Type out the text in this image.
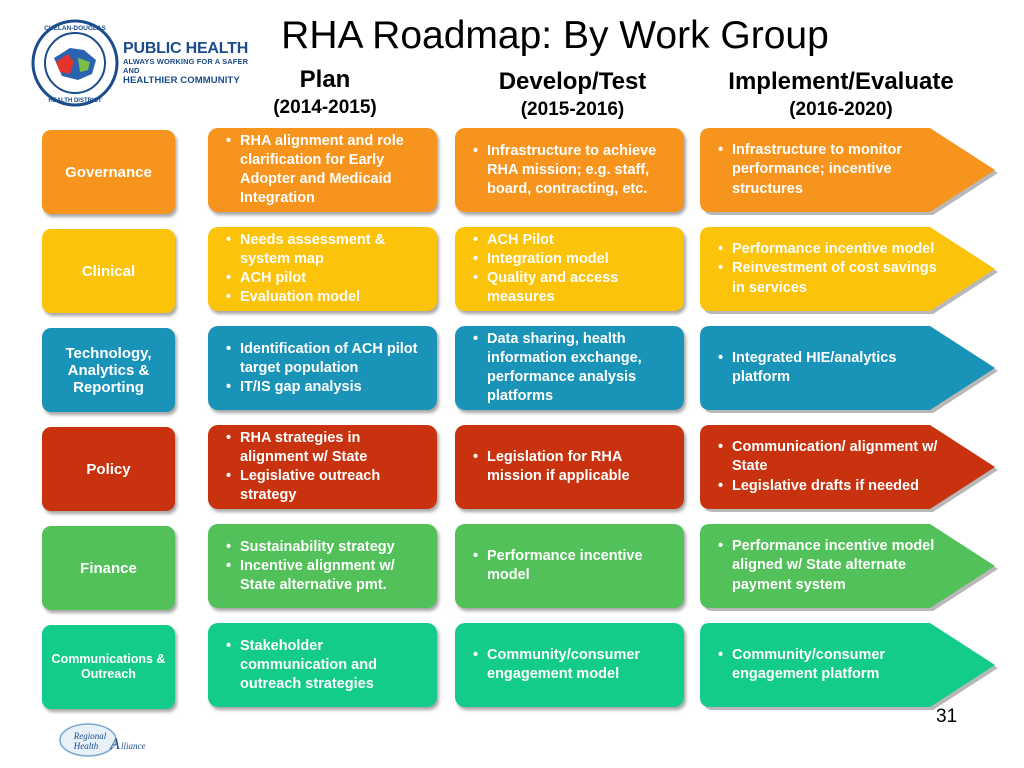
CHELAN-DOUGLAS
HEALTH DISTRICT
PUBLIC HEALTH
ALWAYS WORKING FOR A SAFER AND
HEALTHIER COMMUNITY
RHA Roadmap: By Work Group
Plan
(2014-2015)
Develop/Test
(2015-2016)
Implement/Evaluate
(2016-2020)
Governance
• RHA alignment and role clarification for Early Adopter and Medicaid Integration
• Infrastructure to achieve RHA mission; e.g. staff, board, contracting, etc.
• Infrastructure to monitor performance; incentive structures
Clinical
• Needs assessment & system map
• ACH pilot
• Evaluation model
• ACH Pilot
• Integration model
• Quality and access measures
• Performance incentive model
• Reinvestment of cost savings in services
Technology, Analytics & Reporting
• Identification of ACH pilot target population
• IT/IS gap analysis
• Data sharing, health information exchange, performance analysis platforms
• Integrated HIE/analytics platform
Policy
• RHA strategies in alignment w/ State
• Legislative outreach strategy
• Legislation for RHA mission if applicable
• Communication/ alignment w/ State
• Legislative drafts if needed
Finance
• Sustainability strategy
• Incentive alignment w/ State alternative pmt.
• Performance incentive model
• Performance incentive model aligned w/ State alternate payment system
Communications & Outreach
• Stakeholder communication and outreach strategies
• Community/consumer engagement model
• Community/consumer engagement platform
31
Regional
Health A lliance
